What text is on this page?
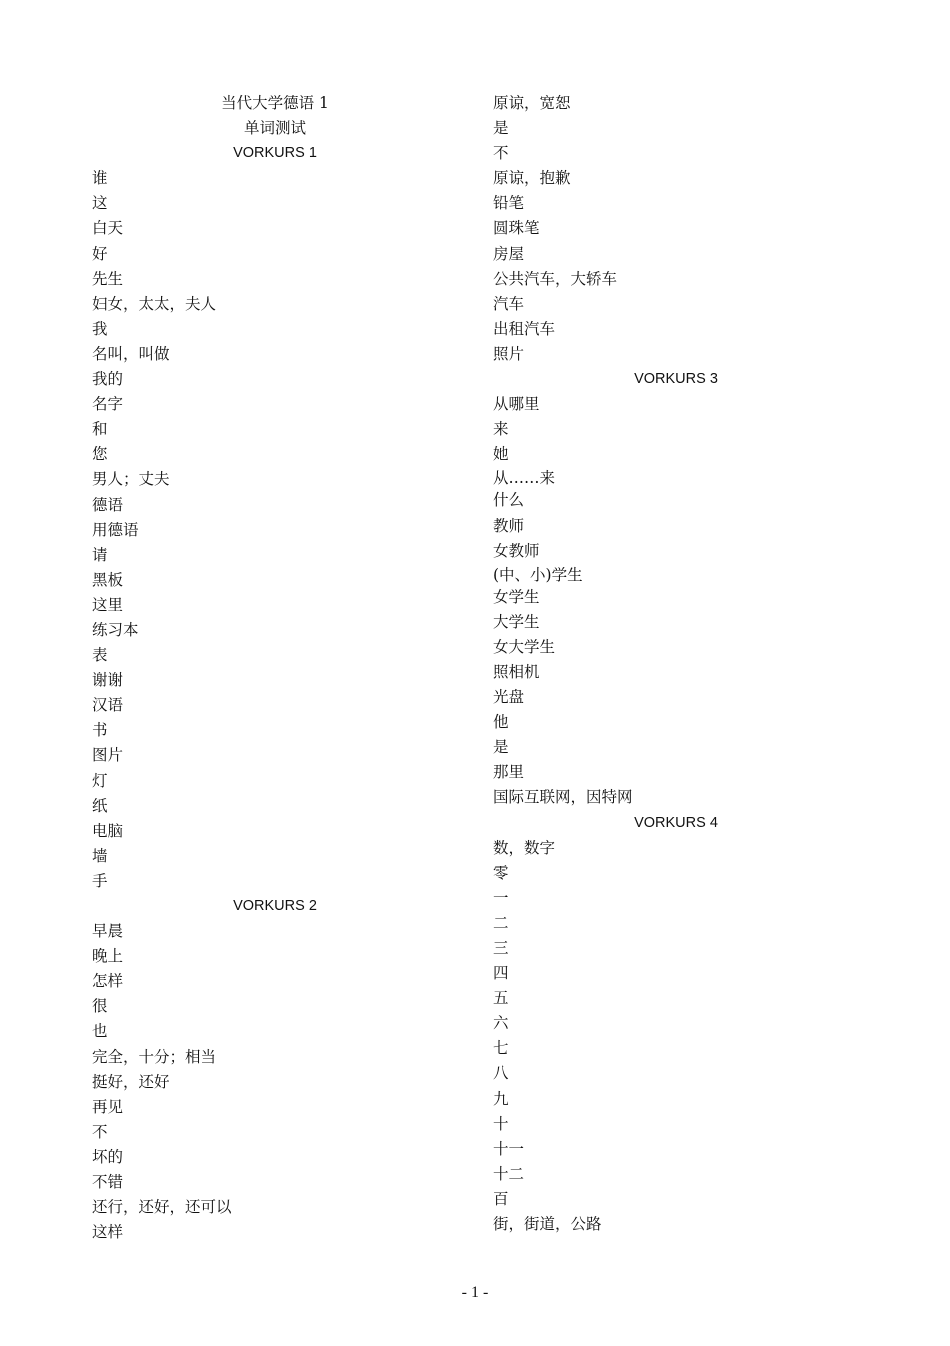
当代大学德语 1
单词测试
VORKURS 1
谁
这
白天
好
先生
妇女，太太，夫人
我
名叫，叫做
我的
名字
和
您
男人；丈夫
德语
用德语
请
黑板
这里
练习本
表
谢谢
汉语
书
图片
灯
纸
电脑
墙
手
VORKURS 2
早晨
晚上
怎样
很
也
完全，十分；相当
挺好，还好
再见
不
坏的
不错
还行，还好，还可以
这样
原谅，宽恕
是
不
原谅，抱歉
铅笔
圆珠笔
房屋
公共汽车，大轿车
汽车
出租汽车
照片
VORKURS 3
从哪里
来
她
从……来
什么
教师
女教师
(中、小)学生
女学生
大学生
女大学生
照相机
光盘
他
是
那里
国际互联网，因特网
VORKURS 4
数，数字
零
一
二
三
四
五
六
七
八
九
十
十一
十二
百
街，街道，公路
- 1 -
